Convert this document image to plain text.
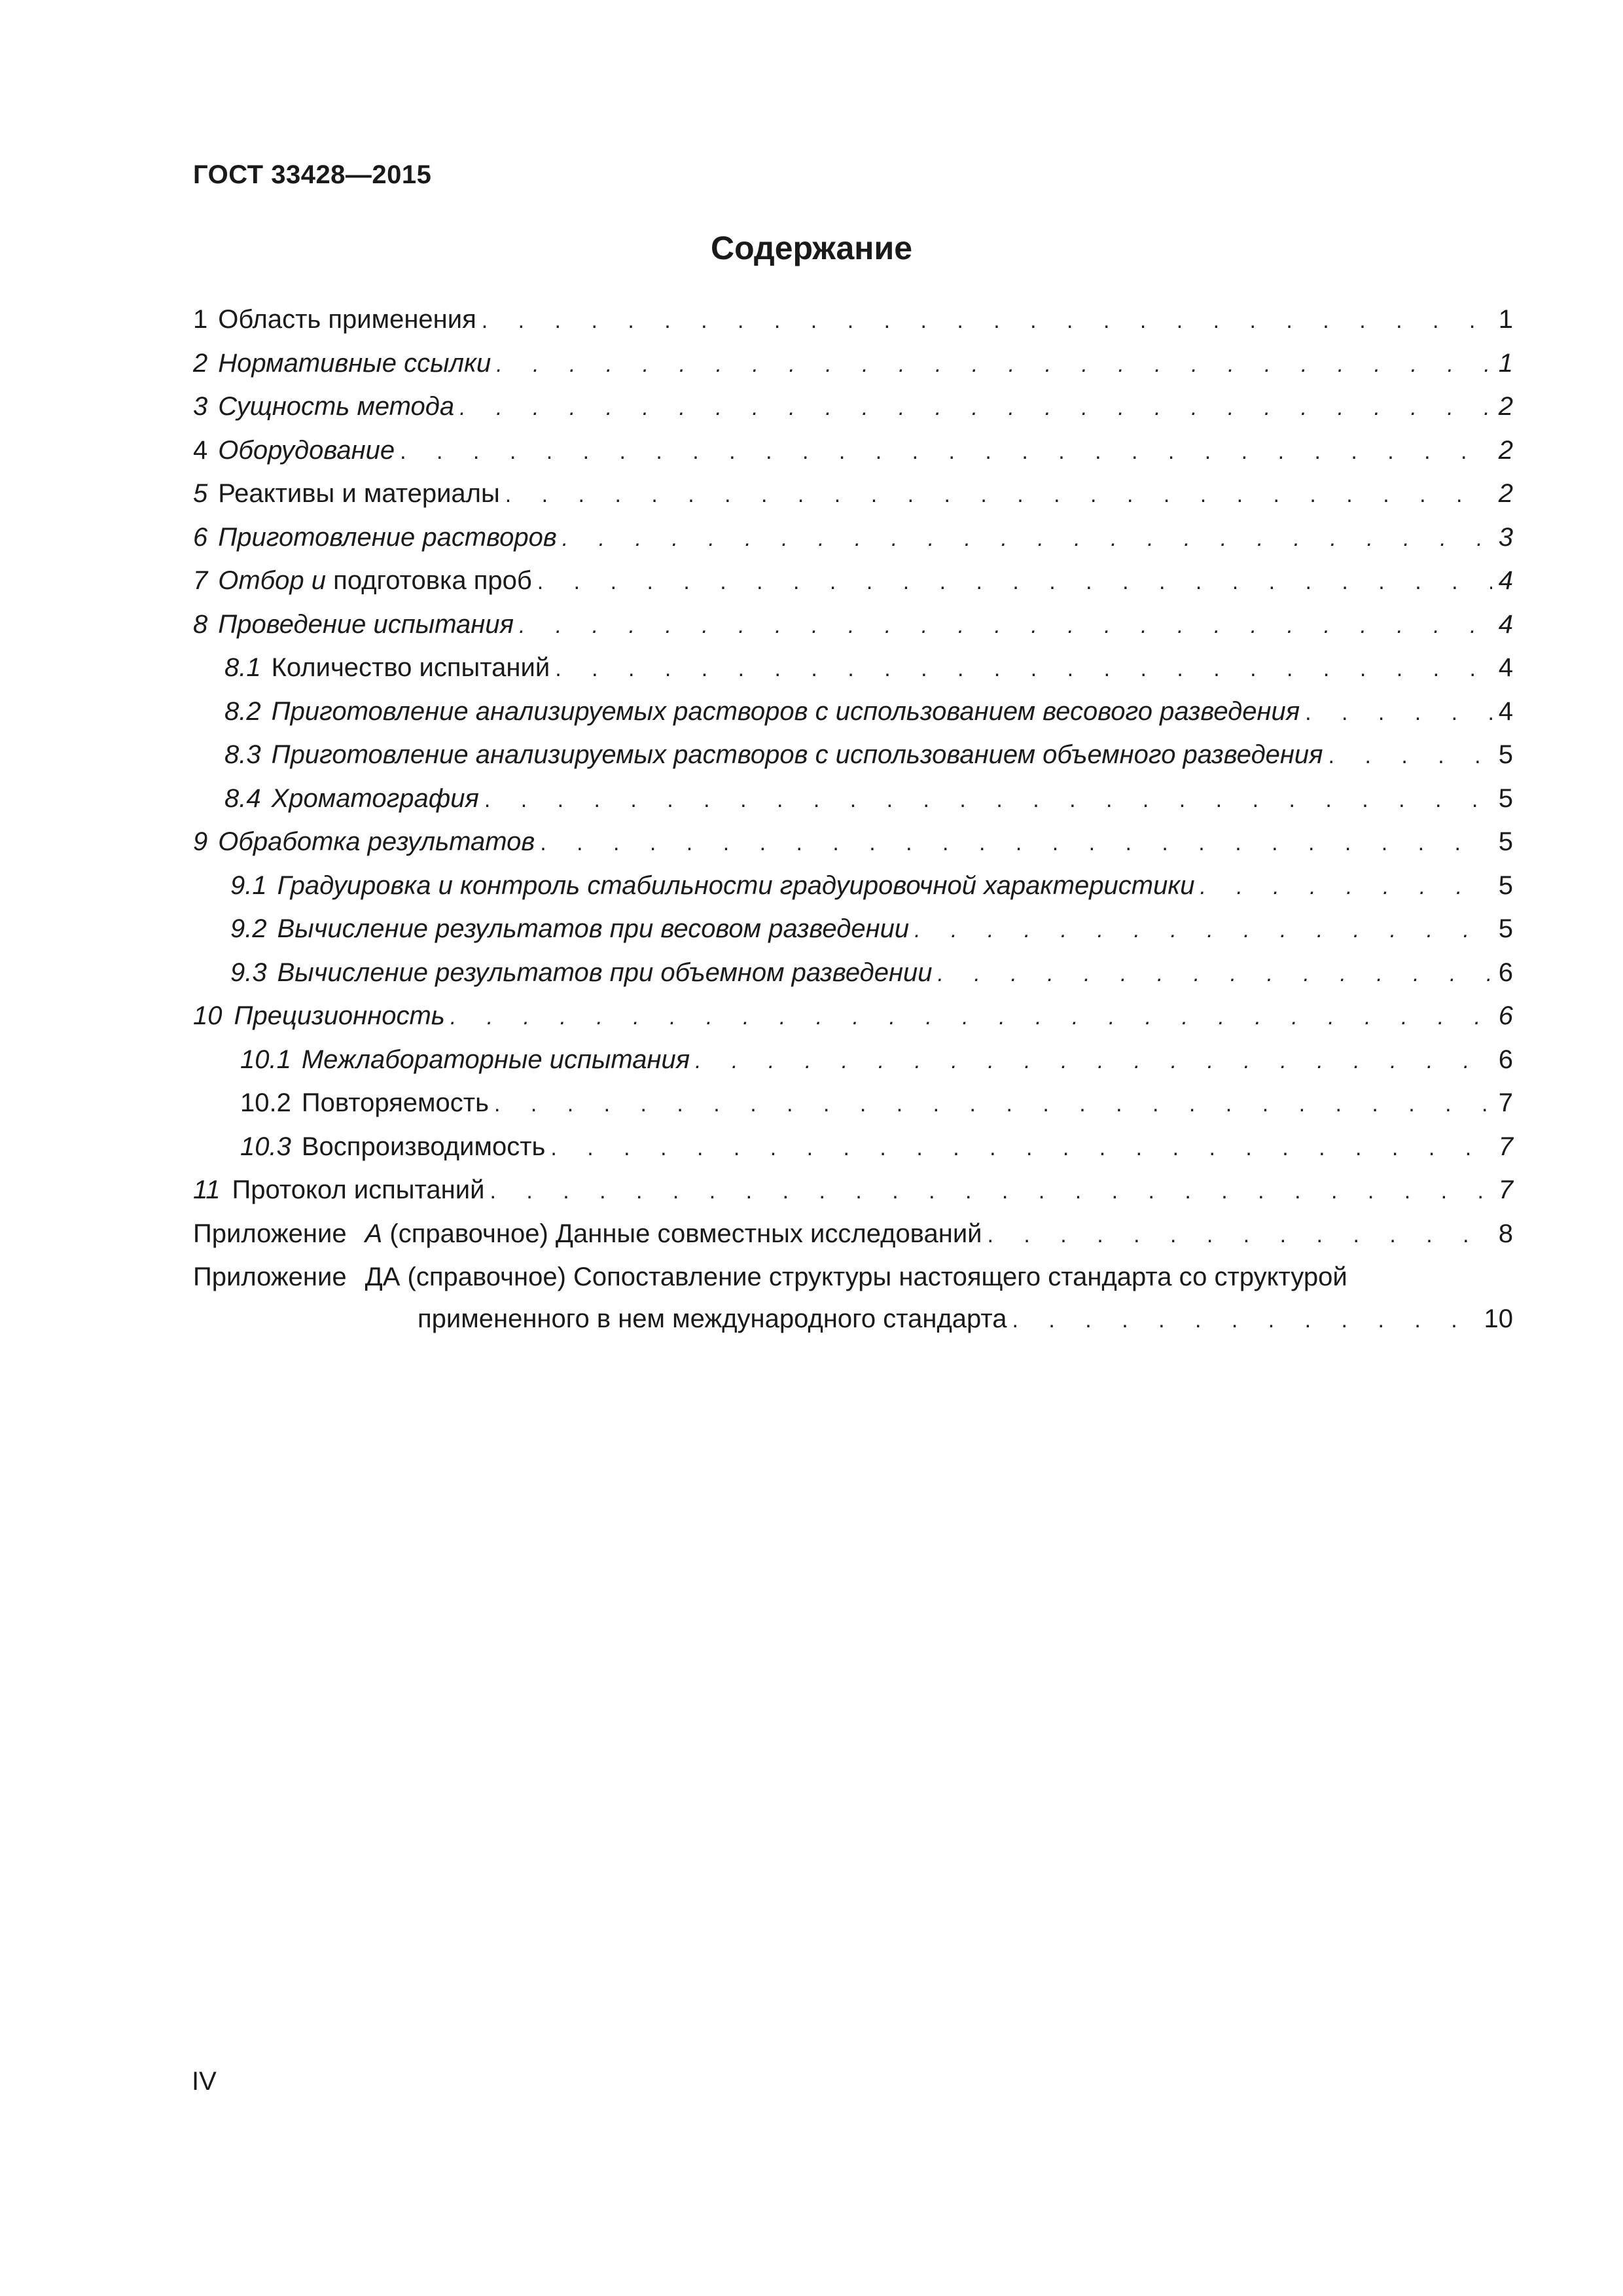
ГОСТ 33428—2015
Содержание
1 Область применения . . .	1
2 Нормативные ссылки . . .	1
3 Сущность метода . . .	2
4 Оборудование . . .	2
5 Реактивы и материалы . . .	2
6 Приготовление растворов . . .	3
7 Отбор и подготовка проб . . .	4
8 Проведение испытания . . .	4
8.1 Количество испытаний . . .	4
8.2 Приготовление анализируемых растворов с использованием весового разведения . . .	4
8.3 Приготовление анализируемых растворов с использованием объемного разведения . . .	5
8.4 Хроматография . . .	5
9 Обработка результатов . . .	5
9.1 Градуировка и контроль стабильности градуировочной характеристики . . .	5
9.2 Вычисление результатов при весовом разведении . . .	5
9.3 Вычисление результатов при объемном разведении . . .	6
10 Прецизионность . . .	6
10.1 Межлабораторные испытания . . .	6
10.2 Повторяемость . . .	7
10.3 Воспроизводимость . . .	7
11 Протокол испытаний . . .	7
Приложение А (справочное) Данные совместных исследований . . .	8
Приложение ДА (справочное) Сопоставление структуры настоящего стандарта со структурой
примененного в нем международного стандарта . . .	10
IV
